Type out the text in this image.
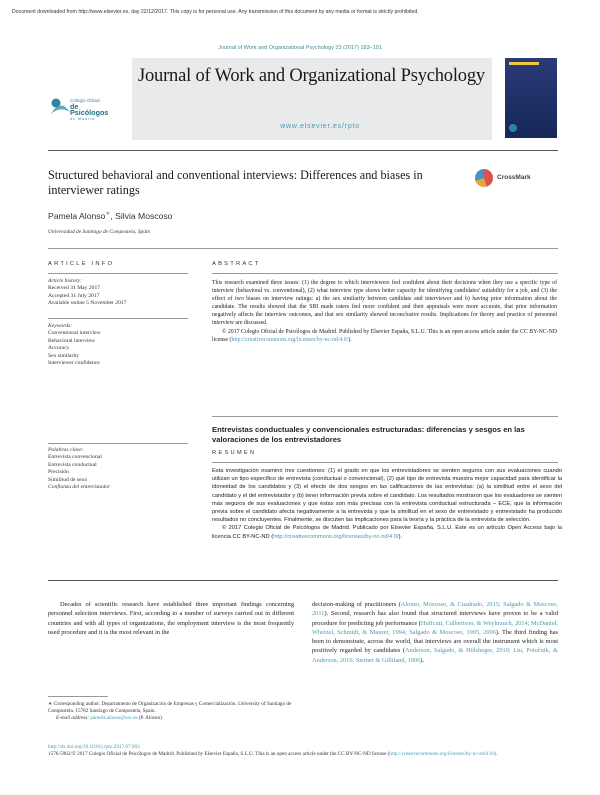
Document downloaded from http://www.elsevier.es, day 22/12/2017. This copy is for personal use. Any transmission of this document by any media or format is strictly prohibited.
Journal of Work and Organizational Psychology 33 (2017) 183–191
Colegio Oficial
de Psicólogos
de Madrid
Journal of Work and Organizational Psychology
www.elsevier.es/rpto
Structured behavioral and conventional interviews: Differences and biases in interviewer ratings
CrossMark
Pamela Alonso∗, Silvia Moscoso
Universidad de Santiago de Compostela, Spain
ARTICLE INFO
Article history:
Received 31 May 2017
Accepted 31 July 2017
Available online 5 November 2017
Keywords:
Conventional interview
Behavioral interview
Accuracy
Sex similarity
Interviewer confidence
Palabras clave:
Entrevista convencional
Entrevista conductual
Precisión
Similitud de sexo
Confianza del entrevistador
ABSTRACT
This research examined three issues: (1) the degree to which interviewers feel confident about their decisions when they use a specific type of interview (behavioral vs. conventional), (2) what interview type shows better capacity for identifying candidates' suitability for a job, and (3) the effect of two biases on interview ratings: a) the sex similarity between candidate and interviewer and b) having prior information about the candidate. The results showed that the SBI made raters feel more confident and their appraisals were more accurate, that prior information negatively affects the interview outcomes, and that sex similarity showed inconclusive results. Implications for theory and practice of personnel interview are discussed.
© 2017 Colegio Oficial de Psicólogos de Madrid. Published by Elsevier España, S.L.U. This is an open access article under the CC BY-NC-ND license (http://creativecommons.org/licenses/by-nc-nd/4.0/).
Entrevistas conductuales y convencionales estructuradas: diferencias y sesgos en las valoraciones de los entrevistadores
RESUMEN
Esta investigación examinó tres cuestiones: (1) el grado en que los entrevistadores se sienten seguros con sus evaluaciones cuando utilizan un tipo específico de entrevista (conductual o convencional), (2) qué tipo de entrevista muestra mejor capacidad para identificar la idoneidad de los candidatos y (3) el efecto de dos sesgos en las calificaciones de las entrevistas: (a) la similitud entre el sexo del candidato y el del entrevistador y (b) tener información previa sobre el candidato. Los resultados mostraron que los evaluadores se sienten más seguros de sus evaluaciones y que éstas son más precisas con la entrevista conductual estructurada – ECE, que la información previa sobre el candidato afecta negativamente a la entrevista y que la similitud en el sexo de entrevistado y entrevistado ha producido resultados no concluyentes. Finalmente, se discuten las implicaciones para la teoría y la práctica de la entrevista de selección.
© 2017 Colegio Oficial de Psicólogos de Madrid. Publicado por Elsevier España, S.L.U. Este es un artículo Open Access bajo la licencia CC BY-NC-ND (http://creativecommons.org/licenses/by-nc-nd/4.0/).
Decades of scientific research have established three important findings concerning personnel selection interviews. First, according to a number of surveys carried out in different countries and with all types of organizations, the employment interview is the most frequently used procedure and it is the most relevant in the
decision-making of practitioners (Alonso, Moscoso, & Cuadrado, 2015; Salgado & Moscoso, 2011). Second, research has also found that structured interviews have proven to be a valid procedure for predicting job performance (Huffcutt, Culbertson, & Weyhrauch, 2014; McDaniel, Whetzel, Schmidt, & Maurer, 1994; Salgado & Moscoso, 1995, 2006). The third finding has been to demonstrate, across the world, that interviews are overall the instrument which is most positively regarded by candidates (Anderson, Salgado, & Hülsheger, 2010; Liu, Potočnik, & Anderson, 2016; Steiner & Gilliland, 1996).
∗ Corresponding author. Departamento de Organización de Empresas y Comercialización. University of Santiago de Compostela. 15782 Santiago de Compostela, Spain.
E-mail address: pamela.alonso@usc.es (P. Alonso).
http://dx.doi.org/10.1016/j.rpto.2017.07.003
1576-5962/© 2017 Colegio Oficial de Psicólogos de Madrid. Published by Elsevier España, S.L.U. This is an open access article under the CC BY-NC-ND license (http://creativecommons.org/licenses/by-nc-nd/4.0/).
